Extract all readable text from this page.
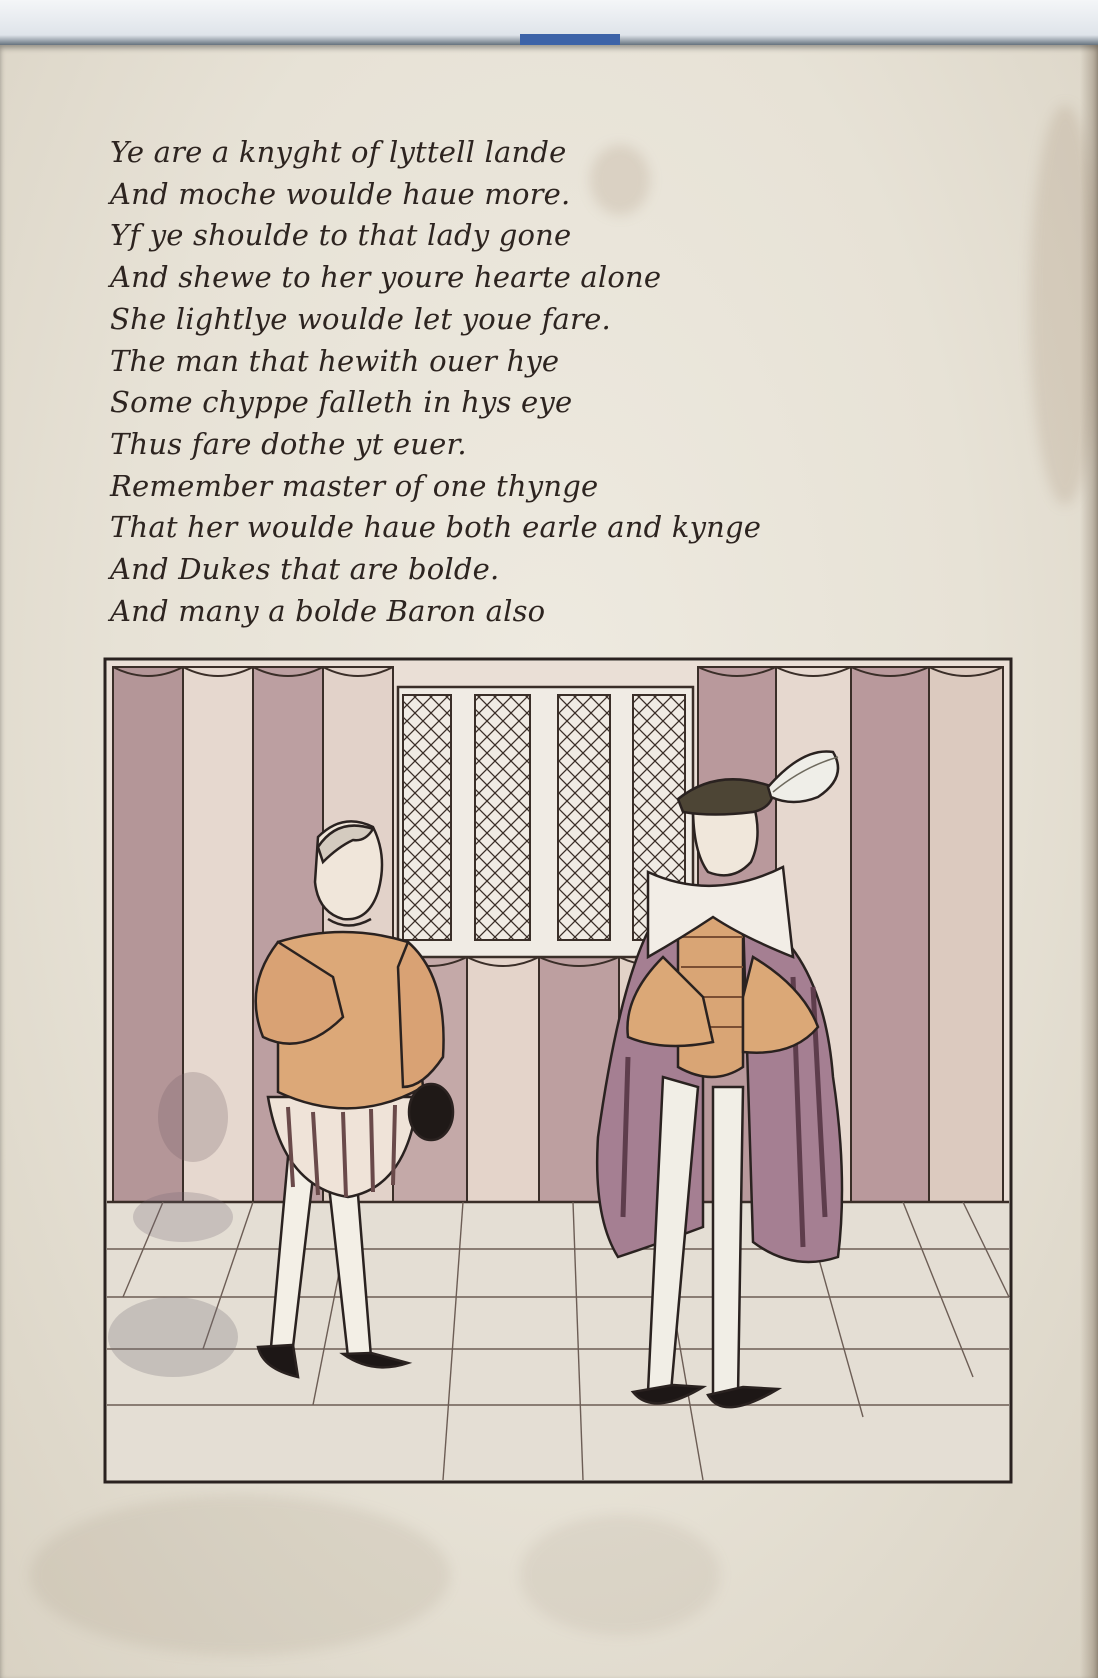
Ye are a knyght of lyttell lande
And moche woulde haue more.
Yf ye shoulde to that lady gone
And shewe to her youre hearte alone
She lightlye woulde let youe fare.
The man that hewith ouer hye
Some chyppe falleth in hys eye
Thus fare dothe yt euer.
Remember master of one thynge
That her woulde haue both earle and kynge
And Dukes that are bolde.
And many a bolde Baron also
